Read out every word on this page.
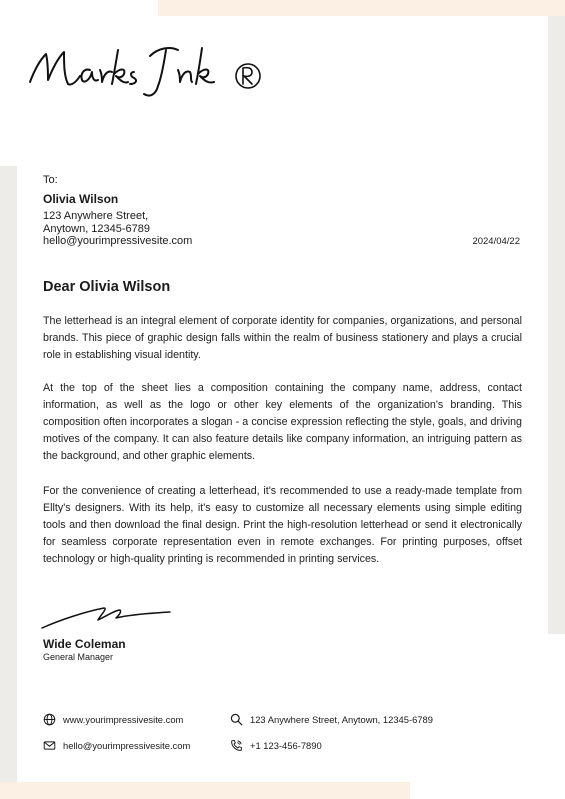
To:
Olivia Wilson
123 Anywhere Street,
Anytown, 12345-6789
hello@yourimpressivesite.com	2024/04/22
Dear Olivia Wilson
The letterhead is an integral element of corporate identity for companies, organizations, and personal brands. This piece of graphic design falls within the realm of business stationery and plays a crucial role in establishing visual identity.
At the top of the sheet lies a composition containing the company name, address, contact information, as well as the logo or other key elements of the organization's branding. This composition often incorporates a slogan - a concise expression reflecting the style, goals, and driving motives of the company. It can also feature details like company information, an intriguing pattern as the background, and other graphic elements.
For the convenience of creating a letterhead, it's recommended to use a ready-made template from Ellty's designers. With its help, it's easy to customize all necessary elements using simple editing tools and then download the final design. Print the high-resolution letterhead or send it electronically for seamless corporate representation even in remote exchanges. For printing purposes, offset technology or high-quality printing is recommended in printing services.
Wide Coleman
General Manager
www.yourimpressivesite.com	123 Anywhere Street, Anytown, 12345-6789
hello@yourimpressivesite.com	+1 123-456-7890
